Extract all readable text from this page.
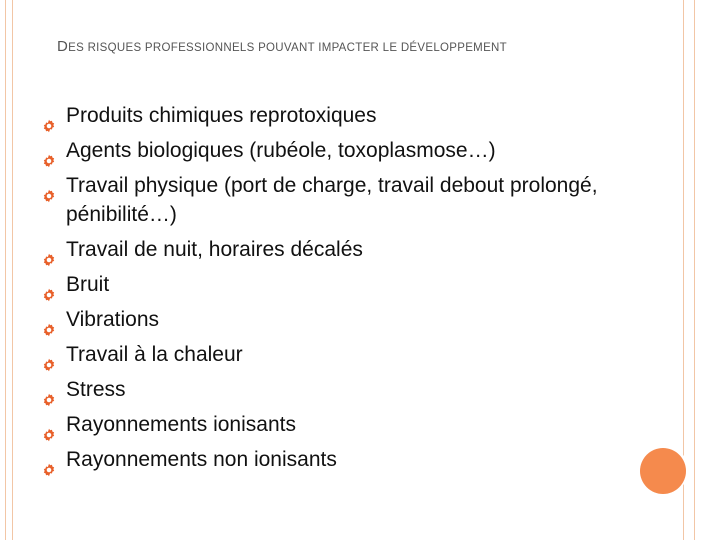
DES RISQUES PROFESSIONNELS POUVANT IMPACTER LE DÉVELOPPEMENT
Produits chimiques reprotoxiques
Agents biologiques (rubéole, toxoplasmose…)
Travail physique (port de charge, travail debout prolongé, pénibilité…)
Travail de nuit, horaires décalés
Bruit
Vibrations
Travail à la chaleur
Stress
Rayonnements ionisants
Rayonnements non ionisants
